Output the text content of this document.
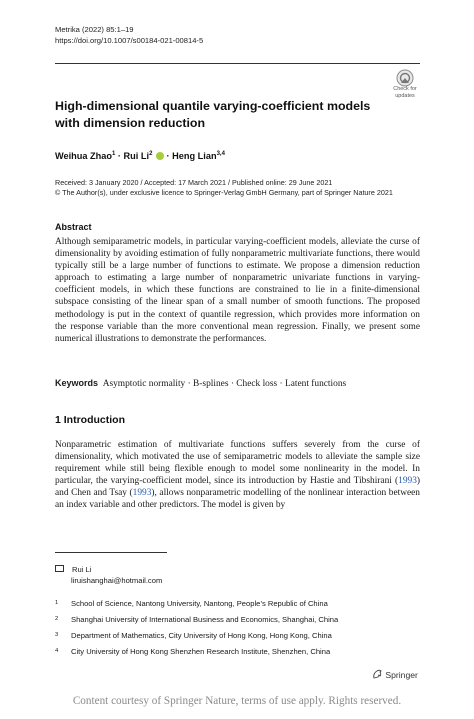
Metrika (2022) 85:1–19
https://doi.org/10.1007/s00184-021-00814-5
Check for updates
High-dimensional quantile varying-coefficient models with dimension reduction
Weihua Zhao$^1$ · Rui Li$^2$  · Heng Lian$^{3,4}$
Received: 3 January 2020 / Accepted: 17 March 2021 / Published online: 29 June 2021
© The Author(s), under exclusive licence to Springer-Verlag GmbH Germany, part of Springer Nature 2021
Abstract
Although semiparametric models, in particular varying-coefficient models, alleviate the curse of dimensionality by avoiding estimation of fully nonparametric multivariate functions, there would typically still be a large number of functions to estimate. We propose a dimension reduction approach to estimating a large number of nonparametric univariate functions in varying-coefficient models, in which these functions are constrained to lie in a finite-dimensional subspace consisting of the linear span of a small number of smooth functions. The proposed methodology is put in the context of quantile regression, which provides more information on the response variable than the more conventional mean regression. Finally, we present some numerical illustrations to demonstrate the performances.
Keywords Asymptotic normality · B-splines · Check loss · Latent functions
1 Introduction
Nonparametric estimation of multivariate functions suffers severely from the curse of dimensionality, which motivated the use of semiparametric models to alleviate the sample size requirement while still being flexible enough to model some nonlinearity in the model. In particular, the varying-coefficient model, since its introduction by Hastie and Tibshirani (1993) and Chen and Tsay (1993), allows nonparametric modelling of the nonlinear interaction between an index variable and other predictors. The model is given by
Rui Li
liruishanghai@hotmail.com
1 School of Science, Nantong University, Nantong, People’s Republic of China
2 Shanghai University of International Business and Economics, Shanghai, China
3 Department of Mathematics, City University of Hong Kong, Hong Kong, China
4 City University of Hong Kong Shenzhen Research Institute, Shenzhen, China
Springer
Content courtesy of Springer Nature, terms of use apply. Rights reserved.
